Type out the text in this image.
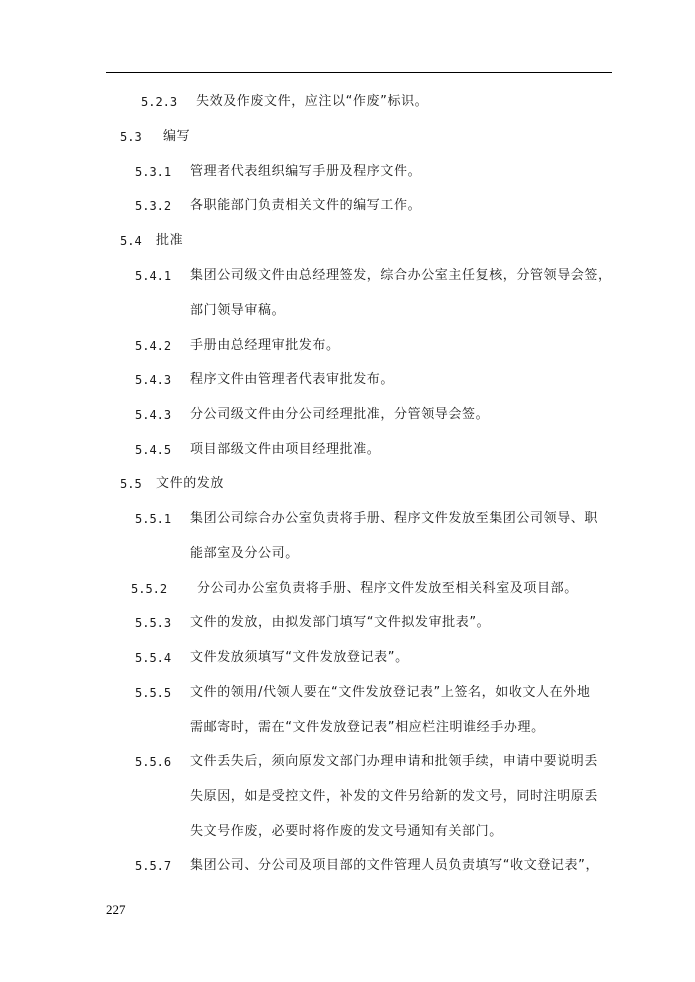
5.2.3 失效及作废文件，应注以“作废”标识。
5.3 编写
5.3.1 管理者代表组织编写手册及程序文件。
5.3.2 各职能部门负责相关文件的编写工作。
5.4 批准
5.4.1 集团公司级文件由总经理签发，综合办公室主任复核，分管领导会签，
部门领导审稿。
5.4.2 手册由总经理审批发布。
5.4.3 程序文件由管理者代表审批发布。
5.4.3 分公司级文件由分公司经理批准，分管领导会签。
5.4.5 项目部级文件由项目经理批准。
5.5 文件的发放
5.5.1 集团公司综合办公室负责将手册、程序文件发放至集团公司领导、职
能部室及分公司。
5.5.2 分公司办公室负责将手册、程序文件发放至相关科室及项目部。
5.5.3 文件的发放，由拟发部门填写“文件拟发审批表”。
5.5.4 文件发放须填写“文件发放登记表”。
5.5.5 文件的领用/代领人要在“文件发放登记表”上签名，如收文人在外地
需邮寄时，需在“文件发放登记表”相应栏注明谁经手办理。
5.5.6 文件丢失后，须向原发文部门办理申请和批领手续，申请中要说明丢
失原因，如是受控文件，补发的文件另给新的发文号，同时注明原丢
失文号作废，必要时将作废的发文号通知有关部门。
5.5.7 集团公司、分公司及项目部的文件管理人员负责填写“收文登记表”，
227
